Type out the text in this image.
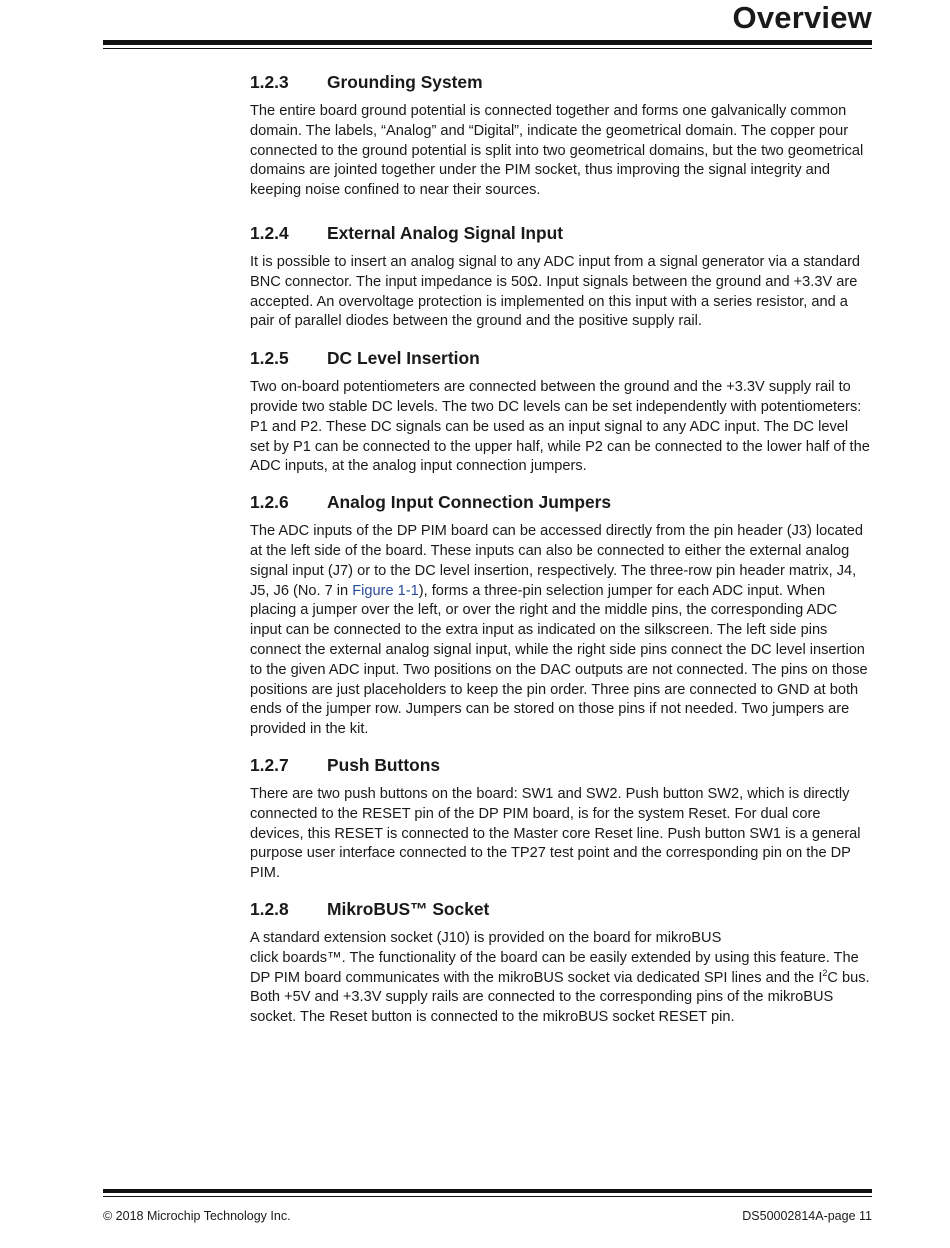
Overview
1.2.3	Grounding System

The entire board ground potential is connected together and forms one galvanically common domain. The labels, “Analog” and “Digital”, indicate the geometrical domain. The copper pour connected to the ground potential is split into two geometrical domains, but the two geometrical domains are jointed together under the PIM socket, thus improving the signal integrity and keeping noise confined to near their sources.

1.2.4	External Analog Signal Input

It is possible to insert an analog signal to any ADC input from a signal generator via a standard BNC connector. The input impedance is 50Ω. Input signals between the ground and +3.3V are accepted. An overvoltage protection is implemented on this input with a series resistor, and a pair of parallel diodes between the ground and the positive supply rail.

1.2.5	DC Level Insertion

Two on-board potentiometers are connected between the ground and the +3.3V supply rail to provide two stable DC levels. The two DC levels can be set independently with potentiometers: P1 and P2. These DC signals can be used as an input signal to any ADC input. The DC level set by P1 can be connected to the upper half, while P2 can be connected to the lower half of the ADC inputs, at the analog input connection jumpers.

1.2.6	Analog Input Connection Jumpers

The ADC inputs of the DP PIM board can be accessed directly from the pin header (J3) located at the left side of the board. These inputs can also be connected to either the external analog signal input (J7) or to the DC level insertion, respectively. The three-row pin header matrix, J4, J5, J6 (No. 7 in Figure 1-1), forms a three-pin selection jumper for each ADC input. When placing a jumper over the left, or over the right and the middle pins, the corresponding ADC input can be connected to the extra input as indicated on the silkscreen. The left side pins connect the external analog signal input, while the right side pins connect the DC level insertion to the given ADC input. Two positions on the DAC outputs are not connected. The pins on those positions are just placeholders to keep the pin order. Three pins are connected to GND at both ends of the jumper row. Jumpers can be stored on those pins if not needed. Two jumpers are provided in the kit.

1.2.7	Push Buttons

There are two push buttons on the board: SW1 and SW2. Push button SW2, which is directly connected to the RESET pin of the DP PIM board, is for the system Reset. For dual core devices, this RESET is connected to the Master core Reset line. Push button SW1 is a general purpose user interface connected to the TP27 test point and the corresponding pin on the DP PIM.

1.2.8	MikroBUS™ Socket

A standard extension socket (J10) is provided on the board for mikroBUS
click boards™. The functionality of the board can be easily extended by using this feature. The DP PIM board communicates with the mikroBUS socket via dedicated SPI lines and the $I^2C$ bus. Both +5V and +3.3V supply rails are connected to the corresponding pins of the mikroBUS socket. The Reset button is connected to the mikroBUS socket RESET pin.

© 2018 Microchip Technology Inc.	DS50002814A-page 11
